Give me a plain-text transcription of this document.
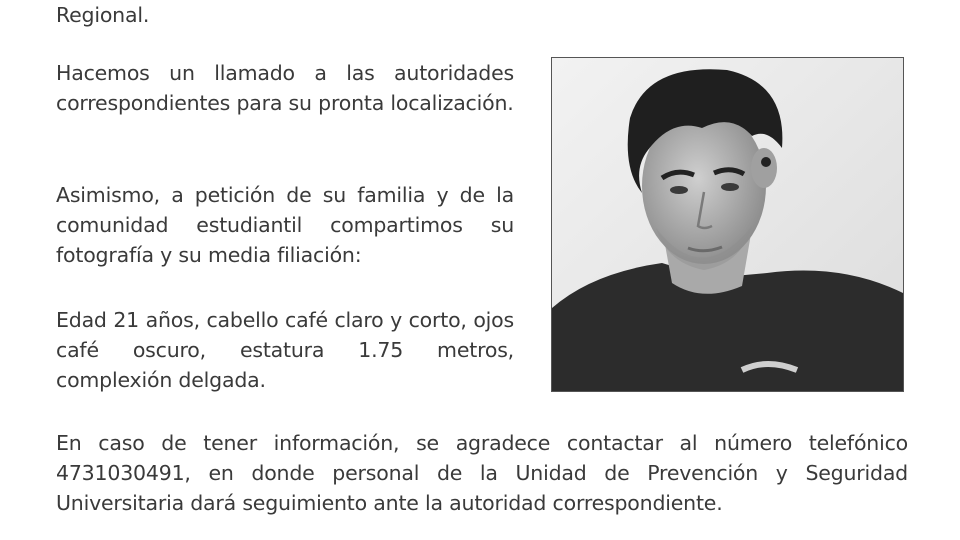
Regional.

Hacemos un llamado a las autoridades correspondientes para su pronta localización.

Asimismo, a petición de su familia y de la comunidad estudiantil compartimos su fotografía y su media filiación:

Edad 21 años, cabello café claro y corto, ojos café oscuro, estatura 1.75 metros, complexión delgada.

En caso de tener información, se agradece contactar al número telefónico 4731030491, en donde personal de la Unidad de Prevención y Seguridad Universitaria dará seguimiento ante la autoridad correspondiente.
